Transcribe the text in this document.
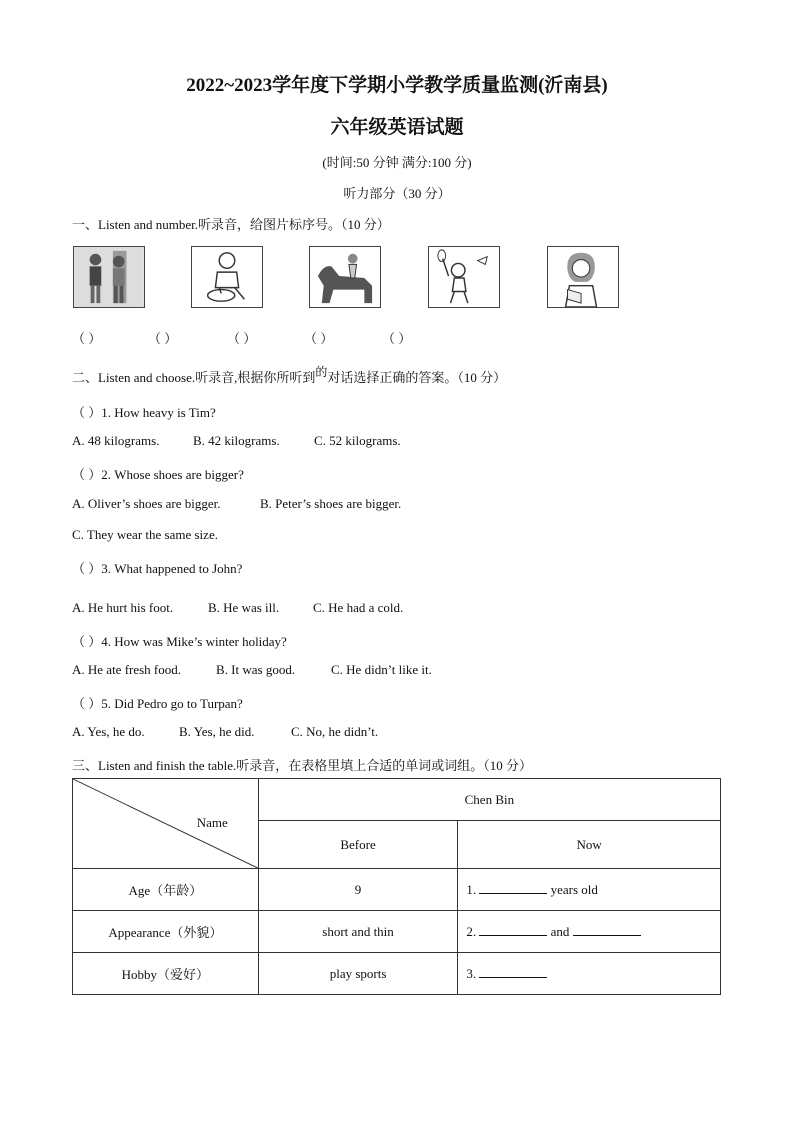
2022~2023学年度下学期小学教学质量监测(沂南县)
六年级英语试题
(时间:50 分钟 满分:100 分)
听力部分（30 分）
一、Listen and number.听录音，给图片标序号。（10 分）
（ ）	（ ）	（ ）	（ ）	（ ）
二、Listen and choose.听录音,根据你所听到的对话选择正确的答案。（10 分）
（ ）1. How heavy is Tim?
A. 48 kilograms.	B. 42 kilograms.	C. 52 kilograms.
（ ）2. Whose shoes are bigger?
A. Oliver’s shoes are bigger.	B. Peter’s shoes are bigger.
C. They wear the same size.
（ ）3. What happened to John?
A. He hurt his foot.	B. He was ill.	C. He had a cold.
（ ）4. How was Mike’s winter holiday?
A. He ate fresh food.	B. It was good.	C. He didn’t like it.
（ ）5. Did Pedro go to Turpan?
A. Yes, he do.	B. Yes, he did.	C. No, he didn’t.
三、Listen and finish the table.听录音，在表格里填上合适的单词或词组。（10 分）
Name	Chen Bin	
	Before	Now
Age（年龄）	9	1. years old
Appearance（外貌）	short and thin	2. and
Hobby（爱好）	play sports	3.
